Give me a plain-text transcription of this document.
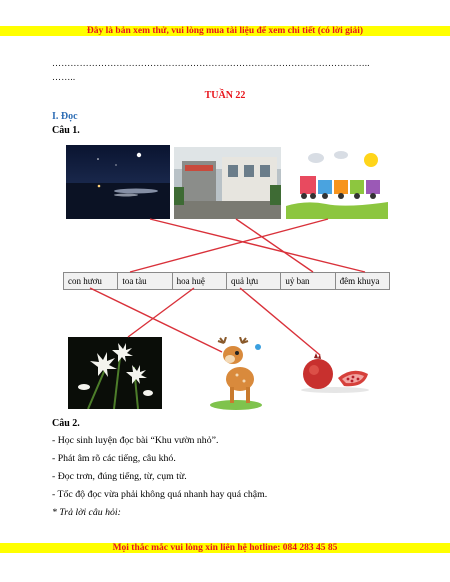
Đây là bản xem thử, vui lòng mua tài liệu để xem chi tiết (có lời giải)
…………………………………………………………………………………………..
……..
TUẦN 22
I. Đọc
Câu 1.
con hươu	toa tàu	hoa huệ	quả lựu	uỷ ban	đêm khuya
Câu 2.
- Học sinh luyện đọc bài “Khu vườn nhỏ”.
- Phát âm rõ các tiếng, câu khó.
- Đọc trơn, đúng tiếng, từ, cụm từ.
- Tốc độ đọc vừa phải không quá nhanh hay quá chậm.
* Trả lời câu hỏi:
Mọi thắc mắc vui lòng xin liên hệ hotline: 084 283 45 85
